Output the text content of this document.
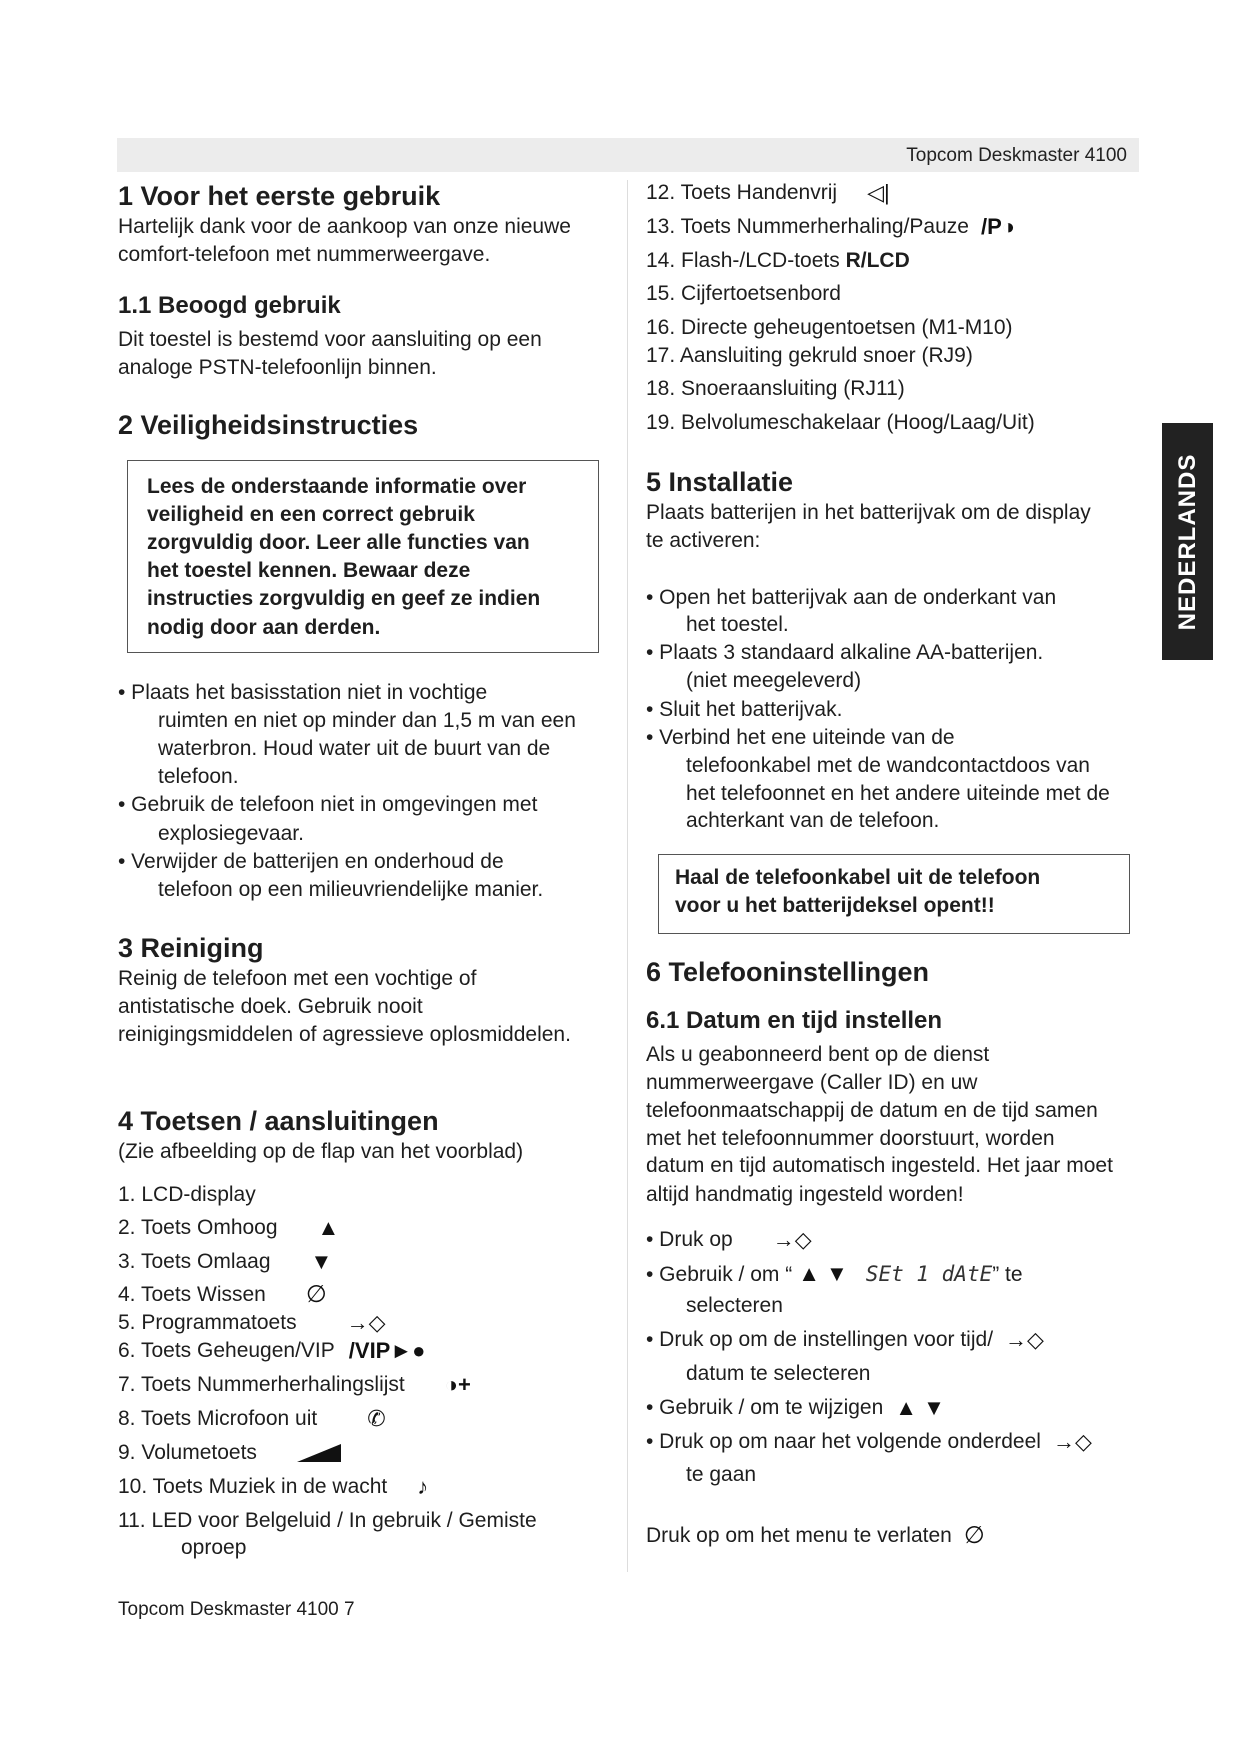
Topcom Deskmaster 4100
NEDERLANDS
1 Voor het eerste gebruik
Hartelijk dank voor de aankoop van onze nieuwe
comfort-telefoon met nummerweergave.
1.1 Beoogd gebruik
Dit toestel is bestemd voor aansluiting op een
analoge PSTN-telefoonlijn binnen.
2 Veiligheidsinstructies
Lees de onderstaande informatie over
veiligheid en een correct gebruik
zorgvuldig door. Leer alle functies van
het toestel kennen. Bewaar deze
instructies zorgvuldig en geef ze indien
nodig door aan derden.
• Plaats het basisstation niet in vochtige
ruimten en niet op minder dan 1,5 m van een
waterbron. Houd water uit de buurt van de
telefoon.
• Gebruik de telefoon niet in omgevingen met
explosiegevaar.
• Verwijder de batterijen en onderhoud de
telefoon op een milieuvriendelijke manier.
3 Reiniging
Reinig de telefoon met een vochtige of
antistatische doek. Gebruik nooit
reinigingsmiddelen of agressieve oplosmiddelen.
4 Toetsen / aansluitingen
(Zie afbeelding op de flap van het voorblad)
1. LCD-display
2. Toets Omhoog ▲
3. Toets Omlaag ▼
4. Toets Wissen ∅
5. Programmatoets →◇
6. Toets Geheugen/VIP /VIP►●
7. Toets Nummerherhalingslijst ◑+
8. Toets Microfoon uit ✆
9. Volumetoets
10. Toets Muziek in de wacht ♪
11. LED voor Belgeluid / In gebruik / Gemiste
oproep
12. Toets Handenvrij ◁|
13. Toets Nummerherhaling/Pauze /P◑
14. Flash-/LCD-toets R/LCD
15. Cijfertoetsenbord
16. Directe geheugentoetsen (M1-M10)
17. Aansluiting gekruld snoer (RJ9)
18. Snoeraansluiting (RJ11)
19. Belvolumeschakelaar (Hoog/Laag/Uit)
5 Installatie
Plaats batterijen in het batterijvak om de display
te activeren:
• Open het batterijvak aan de onderkant van
het toestel.
• Plaats 3 standaard alkaline AA-batterijen.
(niet meegeleverd)
• Sluit het batterijvak.
• Verbind het ene uiteinde van de
telefoonkabel met de wandcontactdoos van
het telefoonnet en het andere uiteinde met de
achterkant van de telefoon.
Haal de telefoonkabel uit de telefoon
voor u het batterijdeksel opent!!
6 Telefooninstellingen
6.1 Datum en tijd instellen
Als u geabonneerd bent op de dienst
nummerweergave (Caller ID) en uw
telefoonmaatschappij de datum en de tijd samen
met het telefoonnummer doorstuurt, worden
datum en tijd automatisch ingesteld. Het jaar moet
altijd handmatig ingesteld worden!
• Druk op →◇
• Gebruik / om “ ▲ ▼ SEt 1 dAtE” te
selecteren
• Druk op om de instellingen voor tijd/ →◇
datum te selecteren
• Gebruik / om te wijzigen ▲ ▼
• Druk op om naar het volgende onderdeel →◇
te gaan
Druk op om het menu te verlaten ∅
Topcom Deskmaster 4100 7
